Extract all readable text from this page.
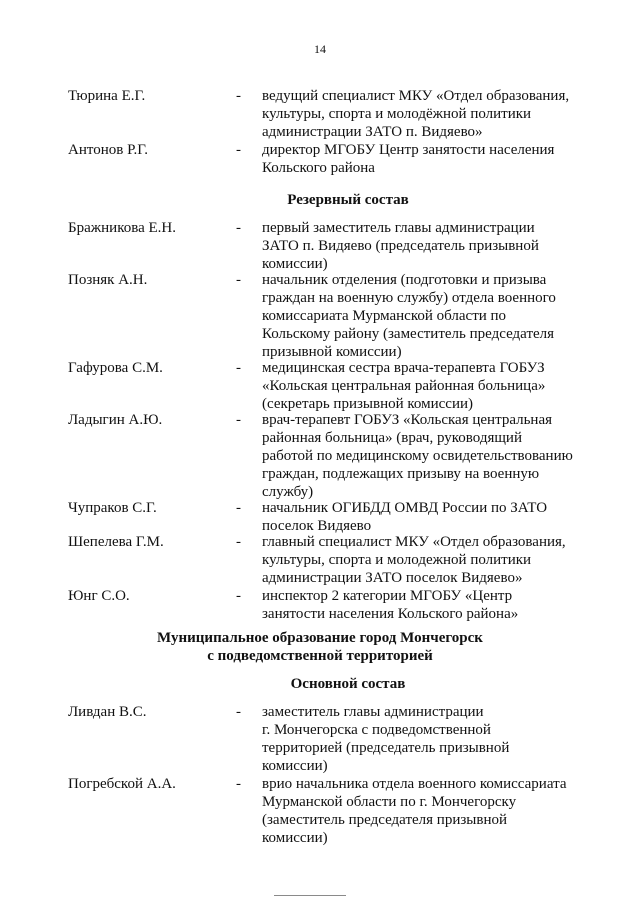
14
Тюрина Е.Г.	- ведущий специалист МКУ «Отдел образования,
культуры, спорта и молодёжной политики
администрации ЗАТО п. Видяево»
Антонов Р.Г.	- директор МГОБУ Центр занятости населения
Кольского района
Резервный состав
Бражникова Е.Н.	- первый заместитель главы администрации
ЗАТО п. Видяево (председатель призывной
комиссии)
Позняк А.Н.	- начальник отделения (подготовки и призыва
граждан на военную службу) отдела военного
комиссариата Мурманской области по
Кольскому району (заместитель председателя
призывной комиссии)
Гафурова С.М.	- медицинская сестра врача-терапевта ГОБУЗ
«Кольская центральная районная больница»
(секретарь призывной комиссии)
Ладыгин А.Ю.	- врач-терапевт ГОБУЗ «Кольская центральная
районная больница» (врач, руководящий
работой по медицинскому освидетельствованию
граждан, подлежащих призыву на военную
службу)
Чупраков С.Г.	- начальник ОГИБДД ОМВД России по ЗАТО
поселок Видяево
Шепелева Г.М.	- главный специалист МКУ «Отдел образования,
культуры, спорта и молодежной политики
администрации ЗАТО поселок Видяево»
Юнг С.О.	- инспектор 2 категории МГОБУ «Центр
занятости населения Кольского района»
Муниципальное образование город Мончегорск
с подведомственной территорией
Основной состав
Ливдан В.С.	- заместитель главы администрации
г. Мончегорска с подведомственной
территорией (председатель призывной
комиссии)
Погребской А.А.	- врио начальника отдела военного комиссариата
Мурманской области по г. Мончегорску
(заместитель председателя призывной
комиссии)
